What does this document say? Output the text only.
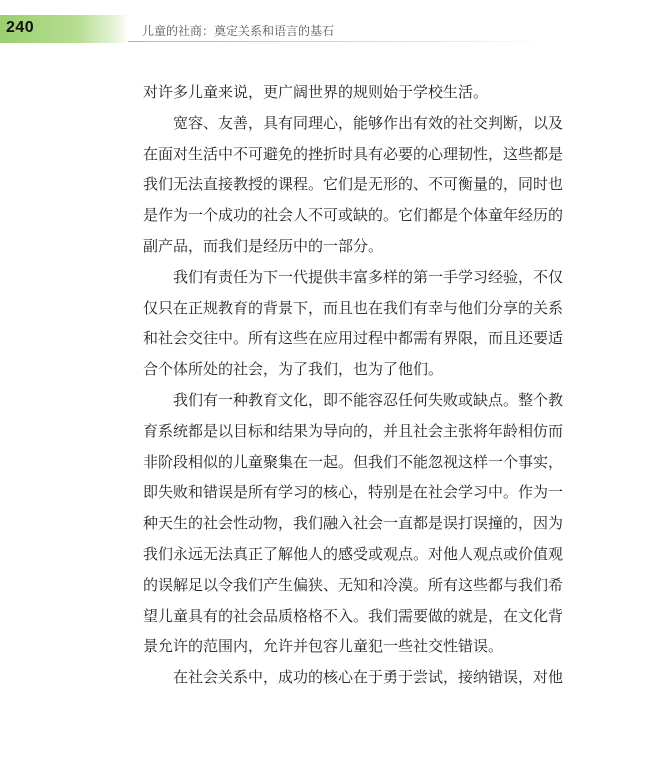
240	儿童的社商：奠定关系和语言的基石
对许多儿童来说，更广阔世界的规则始于学校生活。
宽容、友善，具有同理心，能够作出有效的社交判断，以及
在面对生活中不可避免的挫折时具有必要的心理韧性，这些都是
我们无法直接教授的课程。它们是无形的、不可衡量的，同时也
是作为一个成功的社会人不可或缺的。它们都是个体童年经历的
副产品，而我们是经历中的一部分。
我们有责任为下一代提供丰富多样的第一手学习经验，不仅
仅只在正规教育的背景下，而且也在我们有幸与他们分享的关系
和社会交往中。所有这些在应用过程中都需有界限，而且还要适
合个体所处的社会，为了我们，也为了他们。
我们有一种教育文化，即不能容忍任何失败或缺点。整个教
育系统都是以目标和结果为导向的，并且社会主张将年龄相仿而
非阶段相似的儿童聚集在一起。但我们不能忽视这样一个事实，
即失败和错误是所有学习的核心，特别是在社会学习中。作为一
种天生的社会性动物，我们融入社会一直都是误打误撞的，因为
我们永远无法真正了解他人的感受或观点。对他人观点或价值观
的误解足以令我们产生偏狭、无知和冷漠。所有这些都与我们希
望儿童具有的社会品质格格不入。我们需要做的就是，在文化背
景允许的范围内，允许并包容儿童犯一些社交性错误。
在社会关系中，成功的核心在于勇于尝试，接纳错误，对他
